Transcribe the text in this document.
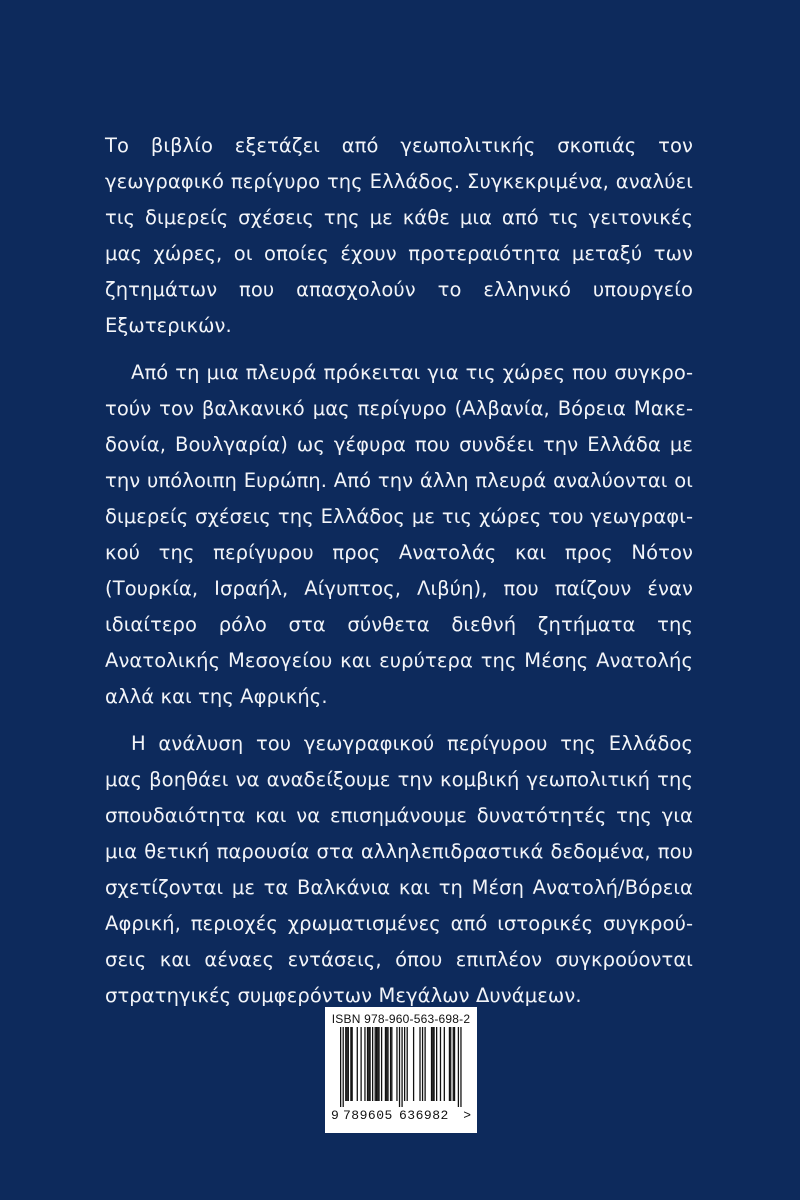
Το βιβλίο εξετάζει από γεωπολιτικής σκοπιάς τον γεωγραφικό περίγυρο της Ελλάδος. Συγκεκριμένα, αναλύει τις διμερείς σχέσεις της με κάθε μια από τις γειτονικές μας χώρες, οι οποίες έχουν προτεραιότητα μεταξύ των ζητημάτων που απασχολούν το ελληνικό υπουργείο Εξωτερικών.

Από τη μια πλευρά πρόκειται για τις χώρες που συγκροτούν τον βαλκανικό μας περίγυρο (Αλβανία, Βόρεια Μακεδονία, Βουλγαρία) ως γέφυρα που συνδέει την Ελλάδα με την υπόλοιπη Ευρώπη. Από την άλλη πλευρά αναλύονται οι διμερείς σχέσεις της Ελλάδος με τις χώρες του γεωγραφικού της περίγυρου προς Ανατολάς και προς Νότον (Τουρκία, Ισραήλ, Αίγυπτος, Λιβύη), που παίζουν έναν ιδιαίτερο ρόλο στα σύνθετα διεθνή ζητήματα της Ανατολικής Μεσογείου και ευρύτερα της Μέσης Ανατολής αλλά και της Αφρικής.

Η ανάλυση του γεωγραφικού περίγυρου της Ελλάδος μας βοηθάει να αναδείξουμε την κομβική γεωπολιτική της σπουδαιότητα και να επισημάνουμε δυνατότητές της για μια θετική παρουσία στα αλληλεπιδραστικά δεδομένα, που σχετίζονται με τα Βαλκάνια και τη Μέση Ανατολή/Βόρεια Αφρική, περιοχές χρωματισμένες από ιστορικές συγκρούσεις και αέναες εντάσεις, όπου επιπλέον συγκρούονται στρατηγικές συμφερόντων Μεγάλων Δυνάμεων.

ISBN 978-960-563-698-2
9 789605 636982 >
